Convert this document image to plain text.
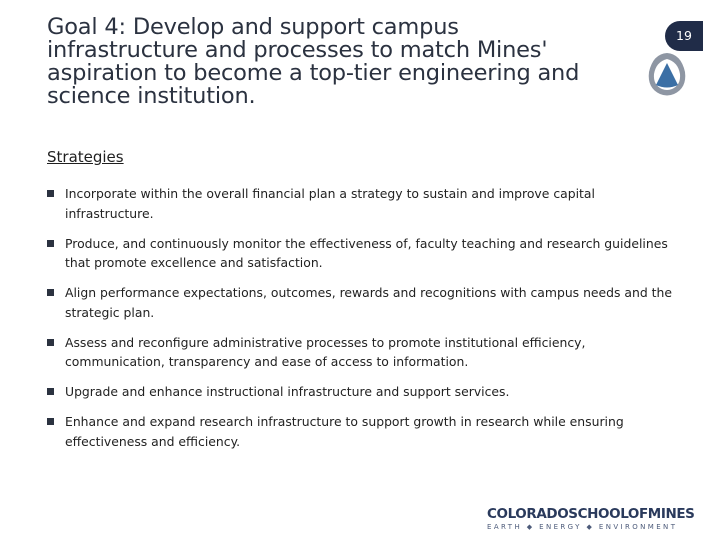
Goal 4: Develop and support campus infrastructure and processes to match Mines' aspiration to become a top-tier engineering and science institution.
19
Strategies
Incorporate within the overall financial plan a strategy to sustain and improve capital infrastructure.
Produce, and continuously monitor the effectiveness of, faculty teaching and research guidelines that promote excellence and satisfaction.
Align performance expectations, outcomes, rewards and recognitions with campus needs and the strategic plan.
Assess and reconfigure administrative processes to promote institutional efficiency, communication, transparency and ease of access to information.
Upgrade and enhance instructional infrastructure and support services.
Enhance and expand research infrastructure to support growth in research while ensuring effectiveness and efficiency.
COLORADOSCHOOLOFMINES
EARTH ◆ ENERGY ◆ ENVIRONMENT
